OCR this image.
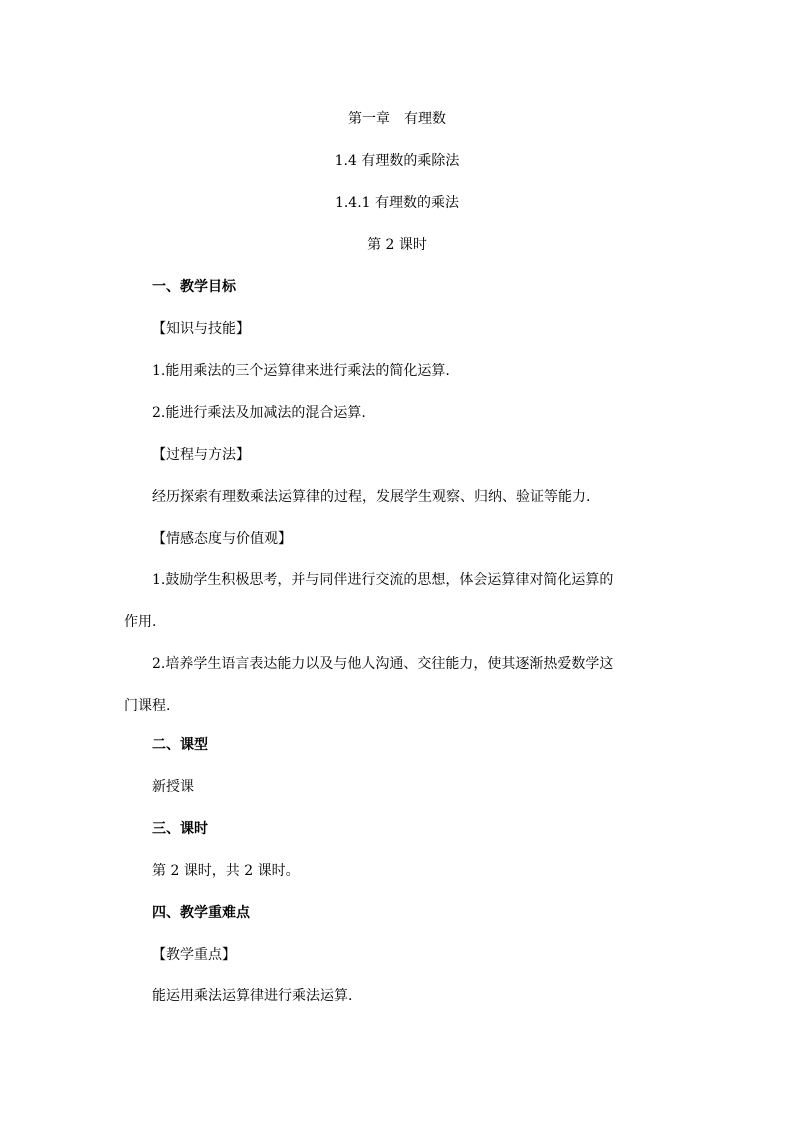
第一章　有理数
1.4 有理数的乘除法
1.4.1 有理数的乘法
第 2 课时
一、教学目标
【知识与技能】
1.能用乘法的三个运算律来进行乘法的简化运算.
2.能进行乘法及加减法的混合运算.
【过程与方法】
经历探索有理数乘法运算律的过程，发展学生观察、归纳、验证等能力.
【情感态度与价值观】
1.鼓励学生积极思考，并与同伴进行交流的思想，体会运算律对简化运算的
作用.
2.培养学生语言表达能力以及与他人沟通、交往能力，使其逐渐热爱数学这
门课程.
二、课型
新授课
三、课时
第 2 课时，共 2 课时。
四、教学重难点
【教学重点】
能运用乘法运算律进行乘法运算.
